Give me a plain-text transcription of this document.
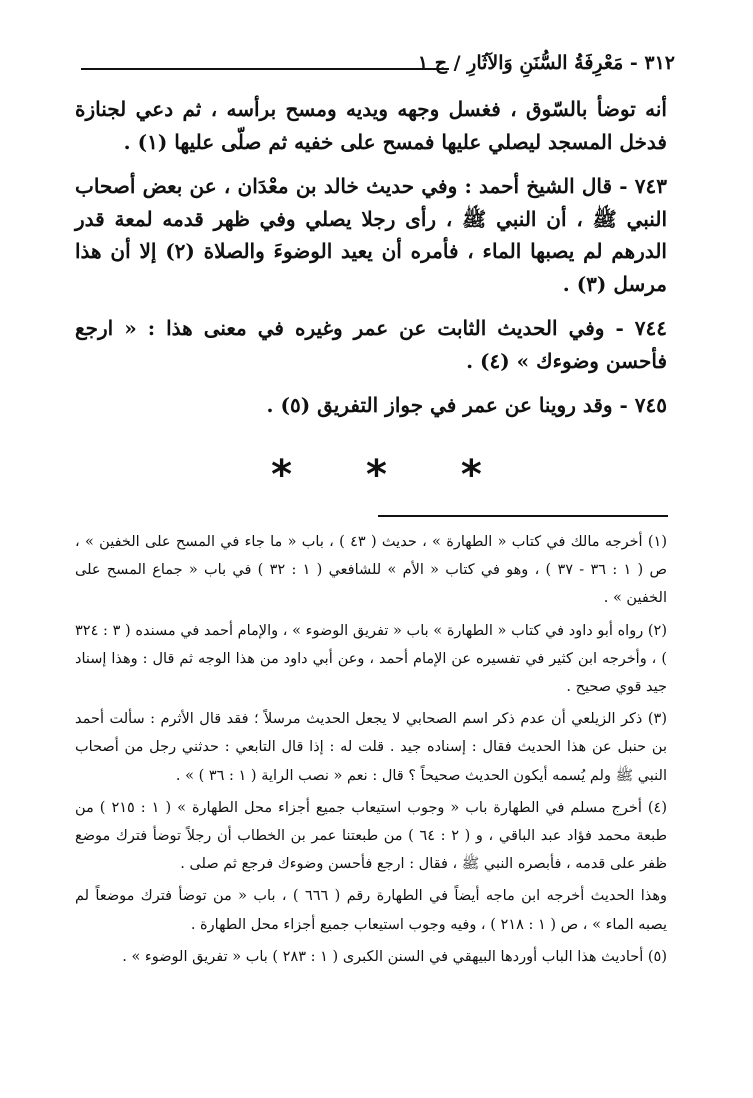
٣١٢ - مَعْرِفَةُ السُّنَنِ وَالآثَارِ / ج ١

أنه توضأ بالسّوق ، فغسل وجهه ويديه ومسح برأسه ، ثم دعي لجنازة فدخل المسجد ليصلي عليها فمسح على خفيه ثم صلّى عليها (١) .

٧٤٣ - قال الشيخ أحمد : وفي حديث خالد بن معْدَان ، عن بعض أصحاب النبي ﷺ ، أن النبي ﷺ ، رأى رجلا يصلي وفي ظهر قدمه لمعة قدر الدرهم لم يصبها الماء ، فأمره أن يعيد الوضوءَ والصلاة (٢) إلا أن هذا مرسل (٣) .

٧٤٤ - وفي الحديث الثابت عن عمر وغيره في معنى هذا : « ارجع فأحسن وضوءك » (٤) .

٧٤٥ - وقد روينا عن عمر في جواز التفريق (٥) .

* * *

(١) أخرجه مالك في كتاب « الطهارة » ، حديث ( ٤٣ ) ، باب « ما جاء في المسح على الخفين » ، ص ( ١ : ٣٦ - ٣٧ ) ، وهو في كتاب « الأم » للشافعي ( ١ : ٣٢ ) في باب « جماع المسح على الخفين » .

(٢) رواه أبو داود في كتاب « الطهارة » باب « تفريق الوضوء » ، والإمام أحمد في مسنده ( ٣ : ٣٢٤ ) ، وأخرجه ابن كثير في تفسيره عن الإمام أحمد ، وعن أبي داود من هذا الوجه ثم قال : وهذا إسناد جيد قوي صحيح .

(٣) ذكر الزيلعي أن عدم ذكر اسم الصحابي لا يجعل الحديث مرسلاً ؛ فقد قال الأثرم : سألت أحمد بن حنبل عن هذا الحديث فقال : إسناده جيد . قلت له : إذا قال التابعي : حدثني رجل من أصحاب النبي ﷺ ولم يُسمه أيكون الحديث صحيحاً ؟ قال : نعم « نصب الراية ( ١ : ٣٦ ) » .

(٤) أخرج مسلم في الطهارة باب « وجوب استيعاب جميع أجزاء محل الطهارة » ( ١ : ٢١٥ ) من طبعة محمد فؤاد عبد الباقي ، و ( ٢ : ٦٤ ) من طبعتنا عمر بن الخطاب أن رجلاً توضأ فترك موضع ظفر على قدمه ، فأبصره النبي ﷺ ، فقال : ارجع فأحسن وضوءك فرجع ثم صلى .

وهذا الحديث أخرجه ابن ماجه أيضاً في الطهارة رقم ( ٦٦٦ ) ، باب « من توضأ فترك موضعاً لم يصبه الماء » ، ص ( ١ : ٢١٨ ) ، وفيه وجوب استيعاب جميع أجزاء محل الطهارة .

(٥) أحاديث هذا الباب أوردها البيهقي في السنن الكبرى ( ١ : ٢٨٣ ) باب « تفريق الوضوء » .
